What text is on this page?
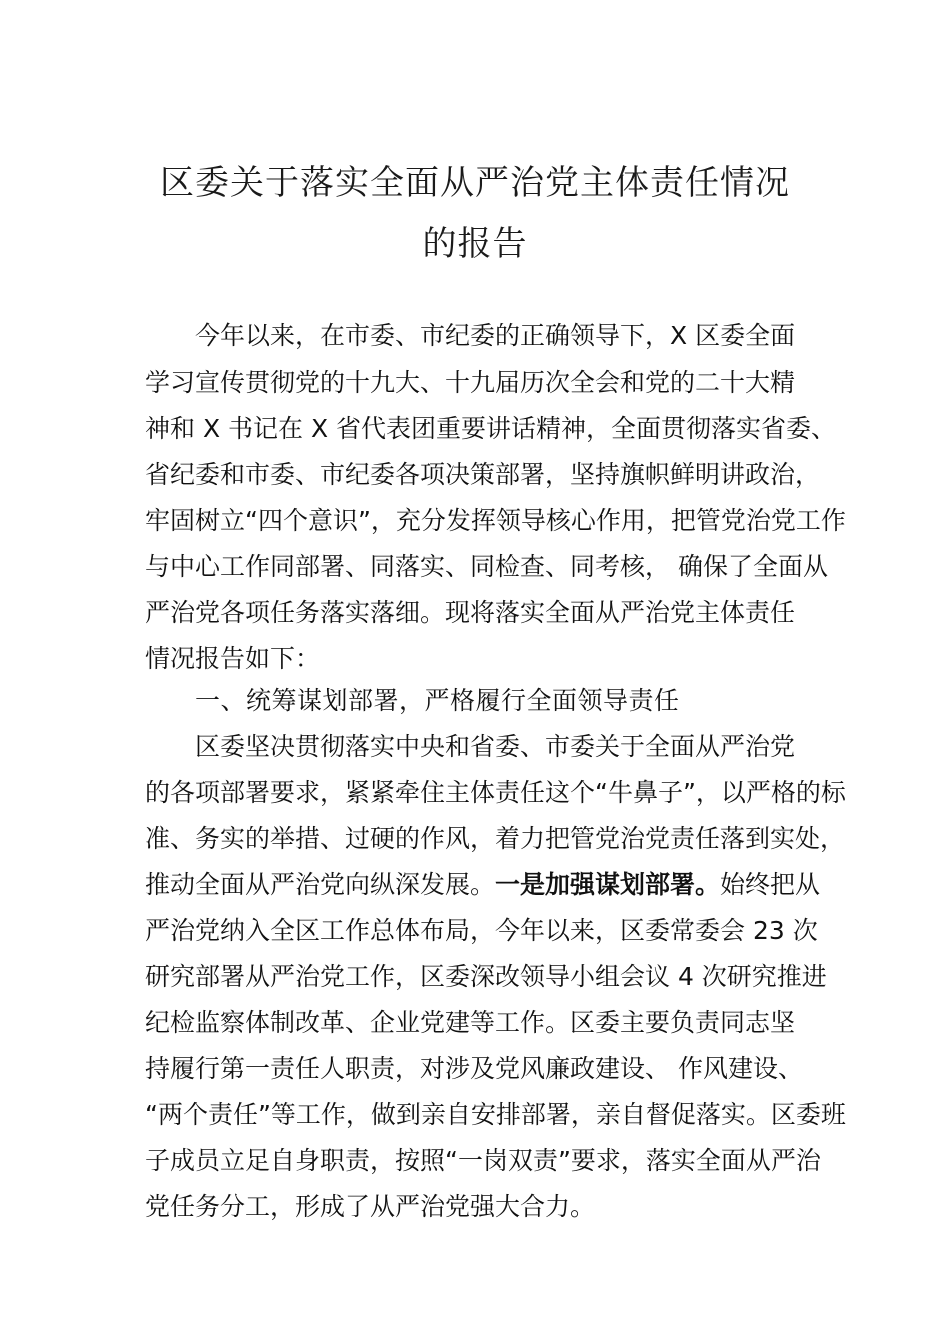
区委关于落实全面从严治党主体责任情况
的报告
今年以来，在市委、市纪委的正确领导下，X 区委全面
学习宣传贯彻党的十九大、十九届历次全会和党的二十大精
神和 X 书记在 X 省代表团重要讲话精神，全面贯彻落实省委、
省纪委和市委、市纪委各项决策部署，坚持旗帜鲜明讲政治，
牢固树立“四个意识”，充分发挥领导核心作用，把管党治党工作
与中心工作同部署、同落实、同检查、同考核， 确保了全面从
严治党各项任务落实落细。现将落实全面从严治党主体责任
情况报告如下：
一、统筹谋划部署，严格履行全面领导责任
区委坚决贯彻落实中央和省委、市委关于全面从严治党
的各项部署要求，紧紧牵住主体责任这个“牛鼻子”，以严格的标
准、务实的举措、过硬的作风，着力把管党治党责任落到实处，
推动全面从严治党向纵深发展。一是加强谋划部署。始终把从
严治党纳入全区工作总体布局，今年以来，区委常委会 23 次
研究部署从严治党工作，区委深改领导小组会议 4 次研究推进
纪检监察体制改革、企业党建等工作。区委主要负责同志坚
持履行第一责任人职责，对涉及党风廉政建设、 作风建设、
“两个责任”等工作，做到亲自安排部署，亲自督促落实。区委班
子成员立足自身职责，按照“一岗双责”要求，落实全面从严治
党任务分工，形成了从严治党强大合力。
